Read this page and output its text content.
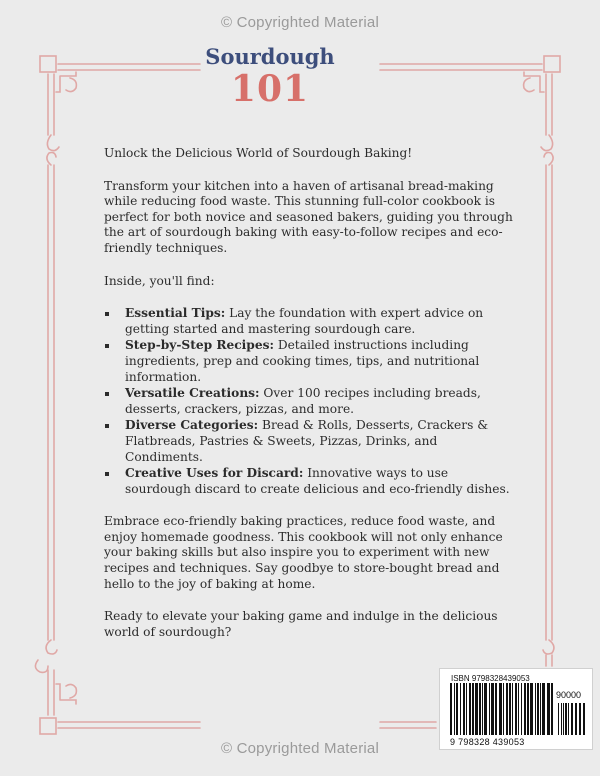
© Copyrighted Material
Sourdough
101

Unlock the Delicious World of Sourdough Baking!

Transform your kitchen into a haven of artisanal bread-making while reducing food waste. This stunning full-color cookbook is perfect for both novice and seasoned bakers, guiding you through the art of sourdough baking with easy-to-follow recipes and eco-friendly techniques.

Inside, you'll find:

Essential Tips: Lay the foundation with expert advice on getting started and mastering sourdough care.
Step-by-Step Recipes: Detailed instructions including ingredients, prep and cooking times, tips, and nutritional information.
Versatile Creations: Over 100 recipes including breads, desserts, crackers, pizzas, and more.
Diverse Categories: Bread & Rolls, Desserts, Crackers & Flatbreads, Pastries & Sweets, Pizzas, Drinks, and Condiments.
Creative Uses for Discard: Innovative ways to use sourdough discard to create delicious and eco-friendly dishes.

Embrace eco-friendly baking practices, reduce food waste, and enjoy homemade goodness. This cookbook will not only enhance your baking skills but also inspire you to experiment with new recipes and techniques. Say goodbye to store-bought bread and hello to the joy of baking at home.

Ready to elevate your baking game and indulge in the delicious world of sourdough?

ISBN 9798328439053
90000
9 798328 439053
© Copyrighted Material
